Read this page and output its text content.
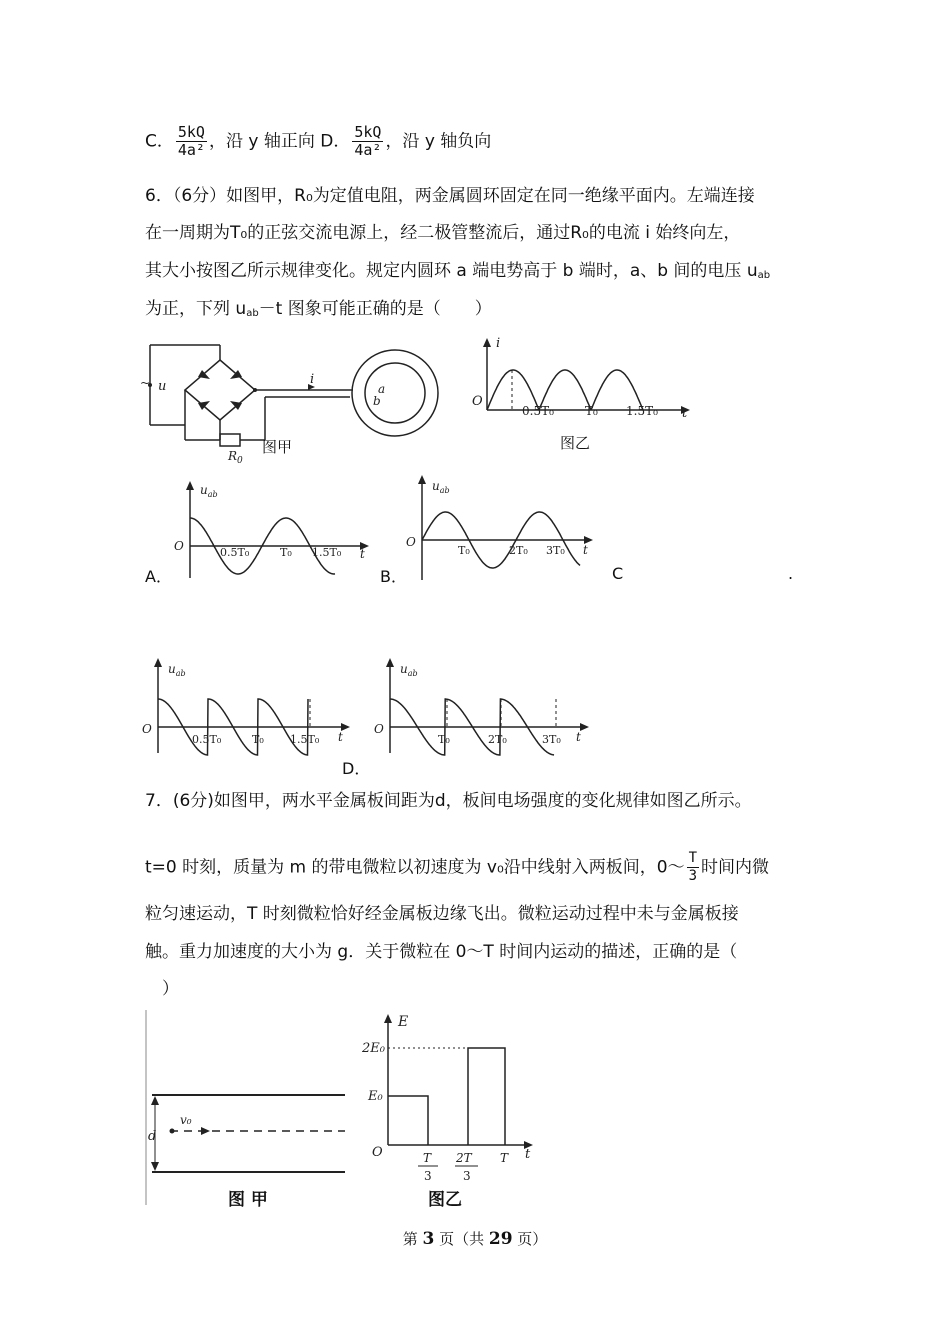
C． $\frac{5kQ}{\text{4a²}}$ ，沿 y 轴正向 D． $\frac{5kQ}{\text{4a²}}$ ，沿 y 轴负向
6．（6分）如图甲，R₀为定值电阻，两金属圆环固定在同一绝缘平面内。左端连接
在一周期为T₀的正弦交流电源上，经二极管整流后，通过R₀的电流 i 始终向左，
其大小按图乙所示规律变化。规定内圆环 a 端电势高于 b 端时，a、b 间的电压 $u_{ab}$
为正，下列 $u_{ab}-t$ 图象可能正确的是（　　）
~ u	i
$R_0$
a
b
图甲
i
O
t
0.5T₀	T₀ 1.5T₀
图乙
A．
$u_{ab}$
O
t
0.5T₀	T₀ 1.5T₀
B．
$u_{ab}$
O
t
T₀	2T₀ 3T₀
C	.
$u_{ab}$
O
t
0.5T₀	T₀ 1.5T₀
$u_{ab}$
O
t
T₀	2T₀	3T₀
D．
7．(6分)如图甲，两水平金属板间距为d，板间电场强度的变化规律如图乙所示。
t=0 时刻，质量为 m 的带电微粒以初速度为 v₀沿中线射入两板间，0～ $\frac{T}{3}$ 时间内微
粒匀速运动，T 时刻微粒恰好经金属板边缘飞出。微粒运动过程中未与金属板接
触。重力加速度的大小为 g．关于微粒在 0～T 时间内运动的描述，正确的是（
　）
d
v₀
图 甲
E
2E₀
E₀
O	t
T
3
2T
3
T
图乙
第 3 页（共 29 页）
